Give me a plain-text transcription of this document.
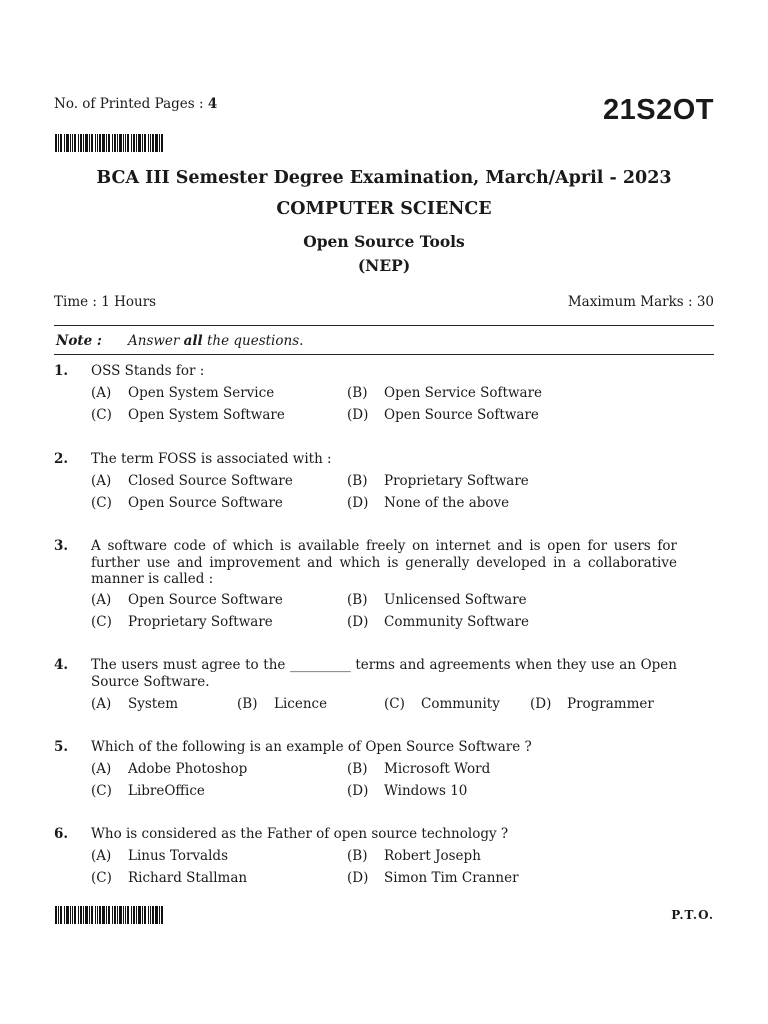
No. of Printed Pages : 4	21S2OT
BCA III Semester Degree Examination, March/April - 2023
COMPUTER SCIENCE
Open Source Tools
(NEP)
Time : 1 Hours	Maximum Marks : 30
Note : Answer all the questions.
1. OSS Stands for :
(A) Open System Service	(B) Open Service Software
(C) Open System Software	(D) Open Source Software
2. The term FOSS is associated with :
(A) Closed Source Software	(B) Proprietary Software
(C) Open Source Software	(D) None of the above
3. A software code of which is available freely on internet and is open for users for further use and improvement and which is generally developed in a collaborative manner is called :
(A) Open Source Software	(B) Unlicensed Software
(C) Proprietary Software	(D) Community Software
4. The users must agree to the _________ terms and agreements when they use an Open Source Software.
(A) System	(B) Licence	(C) Community (D) Programmer
5. Which of the following is an example of Open Source Software ?
(A) Adobe Photoshop	(B) Microsoft Word
(C) LibreOffice	(D) Windows 10
6. Who is considered as the Father of open source technology ?
(A) Linus Torvalds	(B) Robert Joseph
(C) Richard Stallman	(D) Simon Tim Cranner
P.T.O.
